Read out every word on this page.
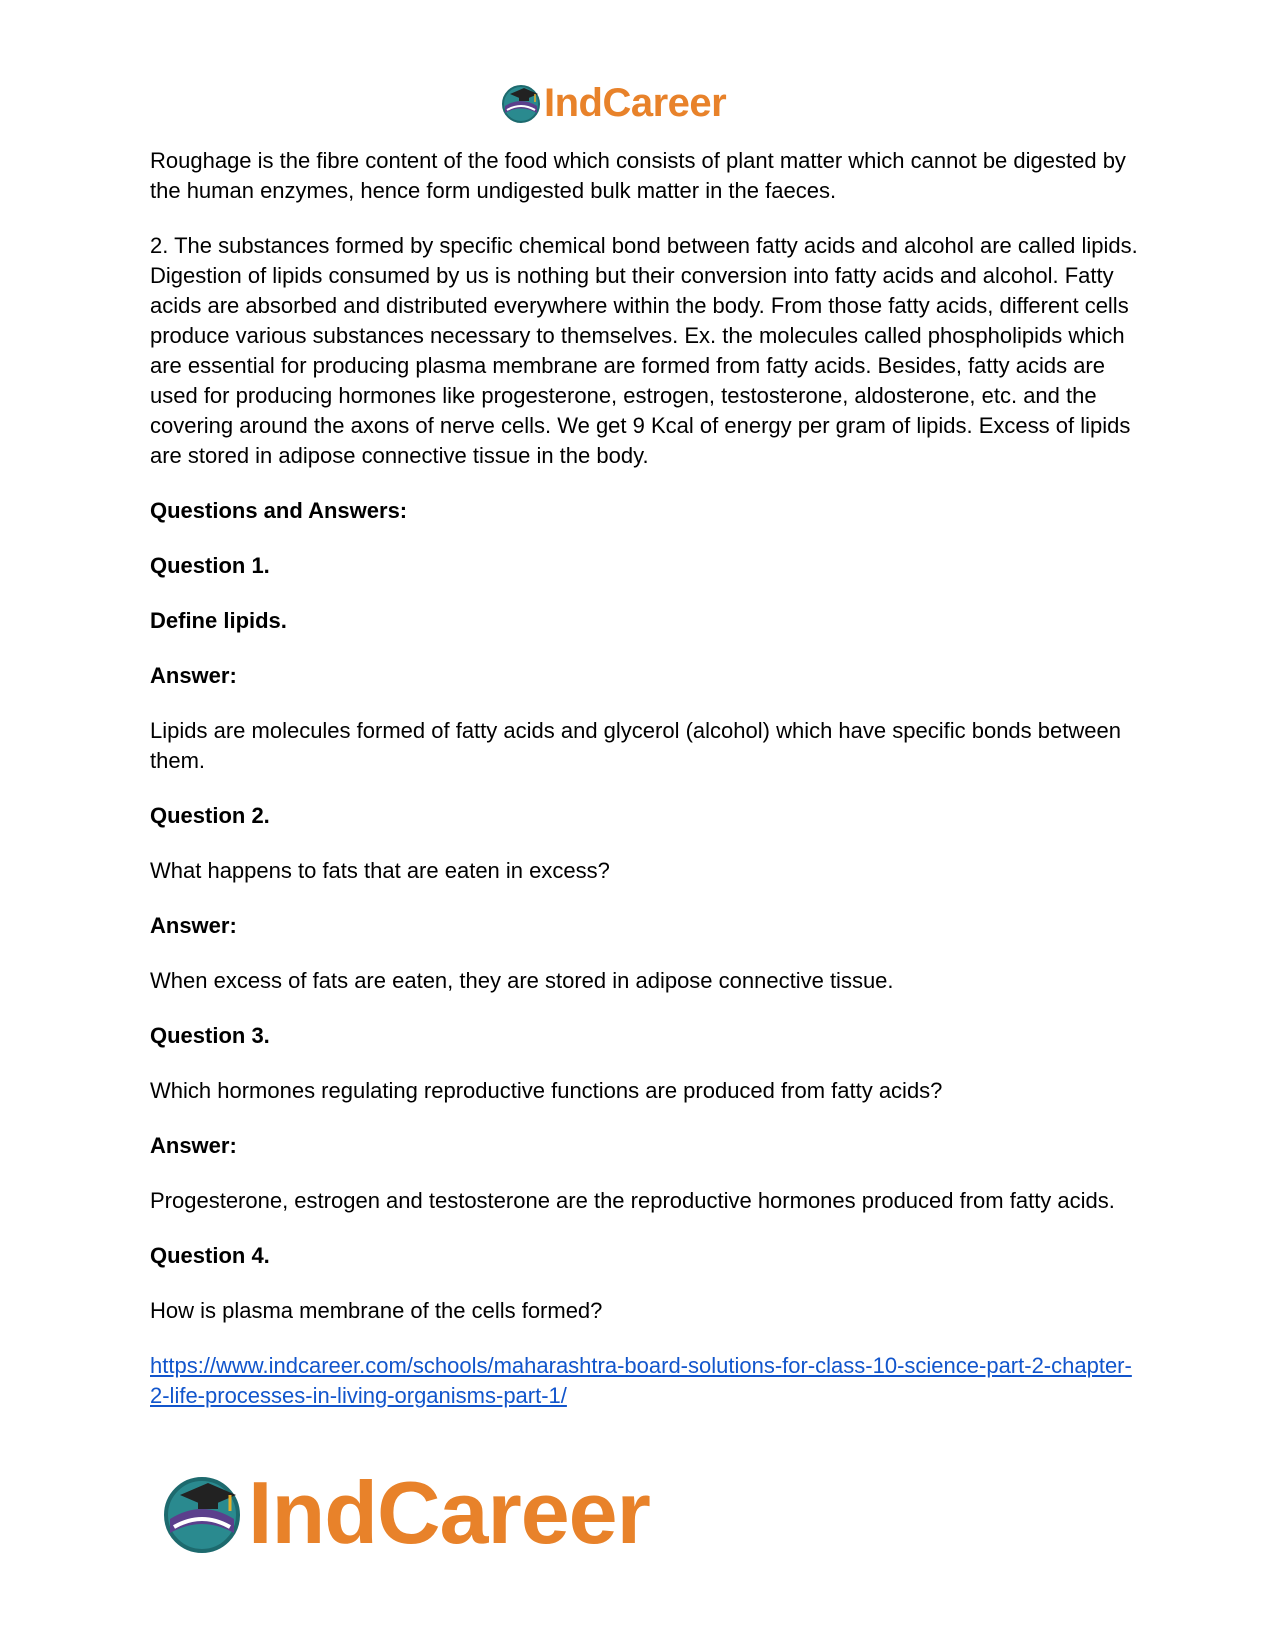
IndCareer

Roughage is the fibre content of the food which consists of plant matter which cannot be digested by the human enzymes, hence form undigested bulk matter in the faeces.

2. The substances formed by specific chemical bond between fatty acids and alcohol are called lipids. Digestion of lipids consumed by us is nothing but their conversion into fatty acids and alcohol. Fatty acids are absorbed and distributed everywhere within the body. From those fatty acids, different cells produce various substances necessary to themselves. Ex. the molecules called phospholipids which are essential for producing plasma membrane are formed from fatty acids. Besides, fatty acids are used for producing hormones like progesterone, estrogen, testosterone, aldosterone, etc. and the covering around the axons of nerve cells. We get 9 Kcal of energy per gram of lipids. Excess of lipids are stored in adipose connective tissue in the body.

Questions and Answers:

Question 1.

Define lipids.

Answer:

Lipids are molecules formed of fatty acids and glycerol (alcohol) which have specific bonds between them.

Question 2.

What happens to fats that are eaten in excess?

Answer:

When excess of fats are eaten, they are stored in adipose connective tissue.

Question 3.

Which hormones regulating reproductive functions are produced from fatty acids?

Answer:

Progesterone, estrogen and testosterone are the reproductive hormones produced from fatty acids.

Question 4.

How is plasma membrane of the cells formed?

https://www.indcareer.com/schools/maharashtra-board-solutions-for-class-10-science-part-2-chapter-2-life-processes-in-living-organisms-part-1/
IndCareer
